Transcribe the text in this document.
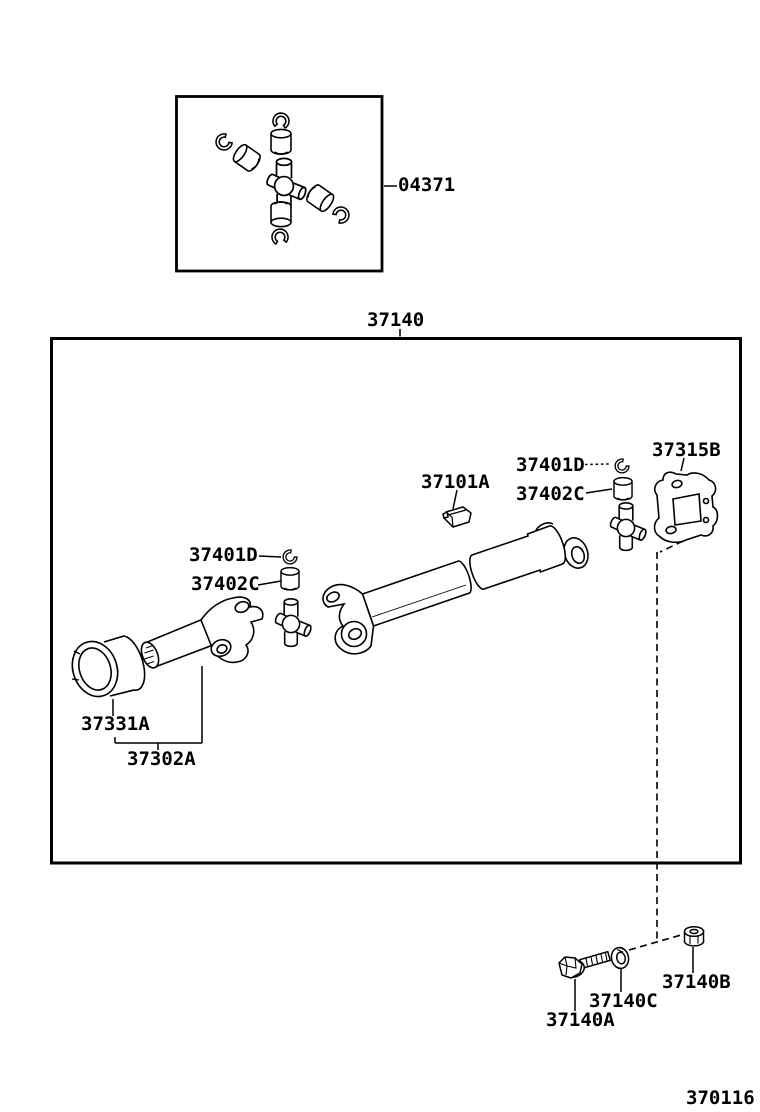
04371
37140
37101A
37401D
37402C
37315B
37401D
37402C
37331A
37302A
37140B
37140C
37140A
370116
